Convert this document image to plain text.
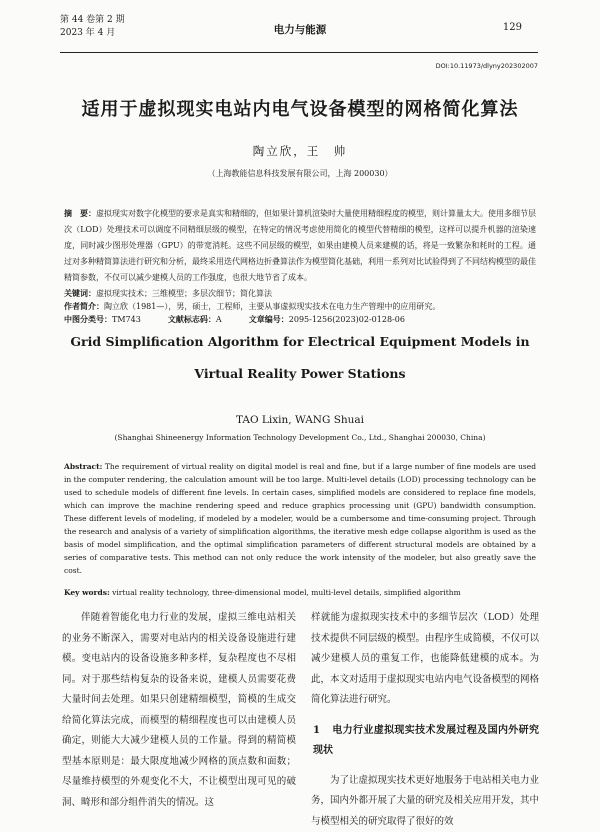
第 44 卷第 2 期
2023 年 4 月	电力与能源	129
DOI:10.11973/dlyny202302007
适用于虚拟现实电站内电气设备模型的网格简化算法
陶立欣，王　帅
（上海教能信息科技发展有限公司，上海 200030）
摘　要：虚拟现实对数字化模型的要求是真实和精细的，但如果计算机渲染时大量使用精细程度的模型，则计算量太大。使用多细节层次（LOD）处理技术可以调度不同精细层级的模型，在特定的情况考虑使用简化的模型代替精细的模型，这样可以提升机器的渲染速度，同时减少图形处理器（GPU）的带宽消耗。这些不同层级的模型，如果由建模人员来建模的话，将是一致繁杂和耗时的工程。通过对多种精简算法进行研究和分析，最终采用迭代网格边折叠算法作为模型简化基础，利用一系列对比试验得到了不同结构模型的最佳精简参数，不仅可以减少建模人员的工作强度，也很大地节省了成本。
关键词：虚拟现实技术；三维模型；多层次细节；简化算法
作者简介：陶立欣（1981—），男，硕士，工程师，主要从事虚拟现实技术在电力生产管理中的应用研究。
中图分类号：TM743	文献标志码：A	文章编号：2095-1256(2023)02-0128-06
Grid Simplification Algorithm for Electrical Equipment Models in
Virtual Reality Power Stations
TAO Lixin, WANG Shuai
(Shanghai Shineenergy Information Technology Development Co., Ltd., Shanghai 200030, China)
Abstract: The requirement of virtual reality on digital model is real and fine, but if a large number of fine models are used in the computer rendering, the calculation amount will be too large. Multi-level details (LOD) processing technology can be used to schedule models of different fine levels. In certain cases, simplified models are considered to replace fine models, which can improve the machine rendering speed and reduce graphics processing unit (GPU) bandwidth consumption. These different levels of modeling, if modeled by a modeler, would be a cumbersome and time-consuming project. Through the research and analysis of a variety of simplification algorithms, the iterative mesh edge collapse algorithm is used as the basis of model simplification, and the optimal simplification parameters of different structural models are obtained by a series of comparative tests. This method can not only reduce the work intensity of the modeler, but also greatly save the cost.
Key words: virtual reality technology, three-dimensional model, multi-level details, simplified algorithm

伴随着智能化电力行业的发展，虚拟三维电站相关的业务不断深入，需要对电站内的相关设备设施进行建模。变电站内的设备设施多种多样，复杂程度也不尽相同。对于那些结构复杂的设备来说，建模人员需要花费大量时间去处理。如果只创建精细模型，简模的生成交给简化算法完成，而模型的精细程度也可以由建模人员确定，则能大大减少建模人员的工作量。得到的精简模型基本原则是：最大限度地减少网格的顶点数和面数；尽量维持模型的外观变化不大，不让模型出现可见的破洞、畸形和部分组件消失的情况。这

样就能为虚拟现实技术中的多细节层次（LOD）处理技术提供不同层级的模型。由程序生成简模，不仅可以减少建模人员的重复工作，也能降低建模的成本。为此，本文对适用于虚拟现实电站内电气设备模型的网格简化算法进行研究。

1 电力行业虚拟现实技术发展过程及国内外研究现状

为了让虚拟现实技术更好地服务于电站相关电力业务，国内外都开展了大量的研究及相关应用开发，其中与模型相关的研究取得了很好的效
